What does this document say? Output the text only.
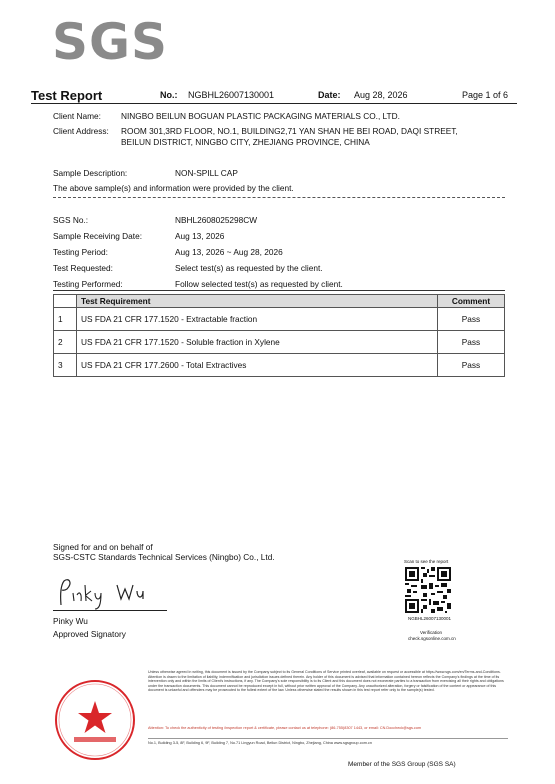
SGS
Test Report	No.: NGBHL26007130001	Date: Aug 28, 2026	Page 1 of 6
Client Name: NINGBO BEILUN BOGUAN PLASTIC PACKAGING MATERIALS CO., LTD.
Client Address: ROOM 301,3RD FLOOR, NO.1, BUILDING2,71 YAN SHAN HE BEI ROAD, DAQI STREET,
BEILUN DISTRICT, NINGBO CITY, ZHEJIANG PROVINCE, CHINA
Sample Description:	NON-SPILL CAP
The above sample(s) and information were provided by the client.
SGS No.:	NBHL2608025298CW
Sample Receiving Date:	Aug 13, 2026
Testing Period:	Aug 13, 2026 ~ Aug 28, 2026
Test Requested:	Select test(s) as requested by the client.
Testing Performed:	Follow selected test(s) as requested by client.
	Test Requirement	Comment
1	US FDA 21 CFR 177.1520 - Extractable fraction	Pass
2	US FDA 21 CFR 177.1520 - Soluble fraction in Xylene	Pass
3	US FDA 21 CFR 177.2600 - Total Extractives	Pass
Signed for and on behalf of
SGS-CSTC Standards Technical Services (Ningbo) Co., Ltd.
Pinky Wu
Approved Signatory
Scan to see the report
NGBHL26007130001
Verification
check.sgsonline.com.cn
Unless otherwise agreed in writing, this document is issued by the Company subject to its General Conditions of Service printed overleaf, available on request or accessible at https://www.sgs.com/en/Terms-and-Conditions. Attention is drawn to the limitation of liability, indemnification and jurisdiction issues defined therein. Any holder of this document is advised that information contained hereon reflects the Company's findings at the time of its intervention only and within the limits of Client's instructions, if any. The Company's sole responsibility is to its Client and this document does not exonerate parties to a transaction from exercising all their rights and obligations under the transaction documents. This document cannot be reproduced except in full, without prior written approval of the Company. Any unauthorized alteration, forgery or falsification of the content or appearance of this document is unlawful and offenders may be prosecuted to the fullest extent of the law. Unless otherwise stated the results shown in this test report refer only to the sample(s) tested.
Attention: To check the authenticity of testing /inspection report & certificate, please contact us at telephone: (86-755)8307 1443, or email: CN.Doccheck@sgs.com
No.1, Building 3-5, 8F, Building 6, 9F, Building 7, No.71 Lingyun Road, Beilun District, Ningbo, Zhejiang, China www.sgsgroup.com.cn
Member of the SGS Group (SGS SA)
